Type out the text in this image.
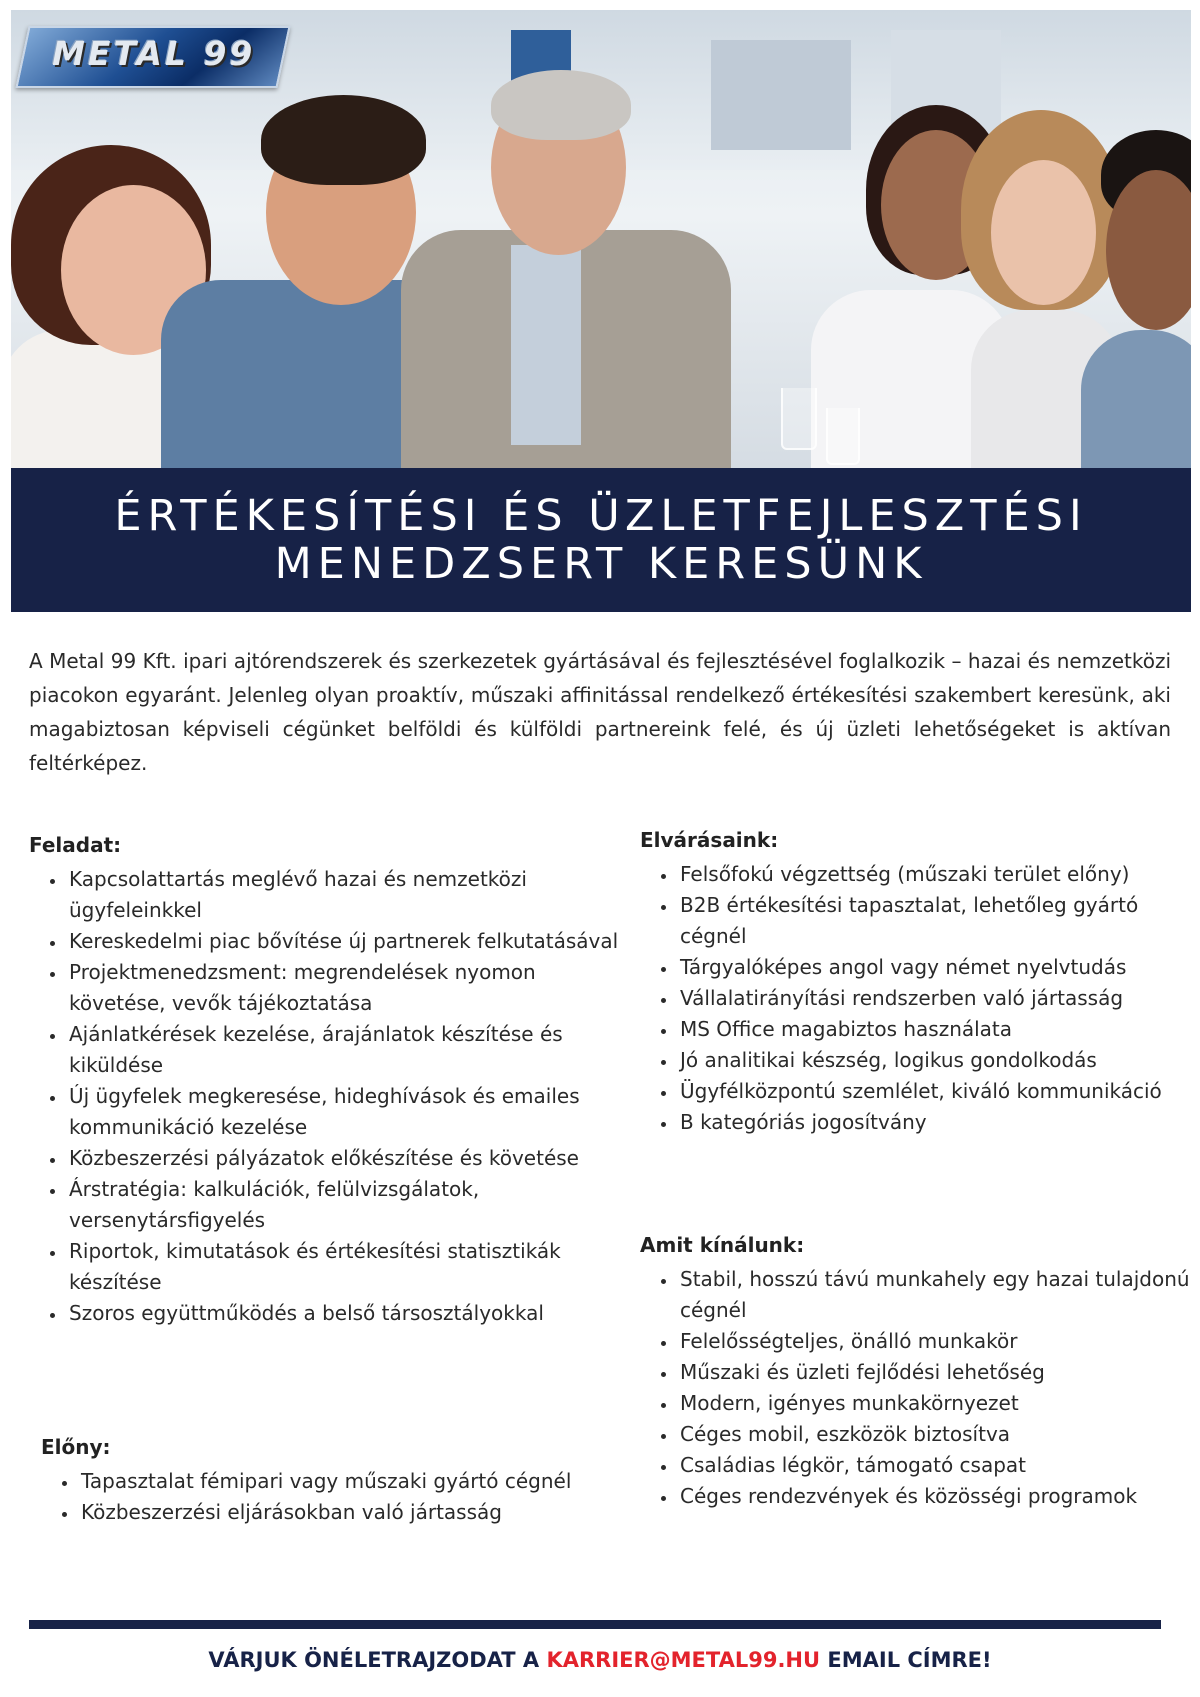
METAL 99
ÉRTÉKESÍTÉSI ÉS ÜZLETFEJLESZTÉSI
MENEDZSERT KERESÜNK
A Metal 99 Kft. ipari ajtórendszerek és szerkezetek gyártásával és fejlesztésével foglalkozik – hazai és nemzetközi piacokon egyaránt. Jelenleg olyan proaktív, műszaki affinitással rendelkező értékesítési szakembert keresünk, aki magabiztosan képviseli cégünket belföldi és külföldi partnereink felé, és új üzleti lehetőségeket is aktívan feltérképez.
Feladat:
• Kapcsolattartás meglévő hazai és nemzetközi ügyfeleinkkel
• Kereskedelmi piac bővítése új partnerek felkutatásával
• Projektmenedzsment: megrendelések nyomon követése, vevők tájékoztatása
• Ajánlatkérések kezelése, árajánlatok készítése és kiküldése
• Új ügyfelek megkeresése, hideghívások és emailes kommunikáció kezelése
• Közbeszerzési pályázatok előkészítése és követése
• Árstratégia: kalkulációk, felülvizsgálatok, versenytársfigyelés
• Riportok, kimutatások és értékesítési statisztikák készítése
• Szoros együttműködés a belső társosztályokkal
Előny:
• Tapasztalat fémipari vagy műszaki gyártó cégnél
• Közbeszerzési eljárásokban való jártasság
Elvárásaink:
• Felsőfokú végzettség (műszaki terület előny)
• B2B értékesítési tapasztalat, lehetőleg gyártó cégnél
• Tárgyalóképes angol vagy német nyelvtudás
• Vállalatirányítási rendszerben való jártasság
• MS Office magabiztos használata
• Jó analitikai készség, logikus gondolkodás
• Ügyfélközpontú szemlélet, kiváló kommunikáció
• B kategóriás jogosítvány
Amit kínálunk:
• Stabil, hosszú távú munkahely egy hazai tulajdonú cégnél
• Felelősségteljes, önálló munkakör
• Műszaki és üzleti fejlődési lehetőség
• Modern, igényes munkakörnyezet
• Céges mobil, eszközök biztosítva
• Családias légkör, támogató csapat
• Céges rendezvények és közösségi programok
VÁRJUK ÖNÉLETRAJZODAT A KARRIER@METAL99.HU EMAIL CÍMRE!
